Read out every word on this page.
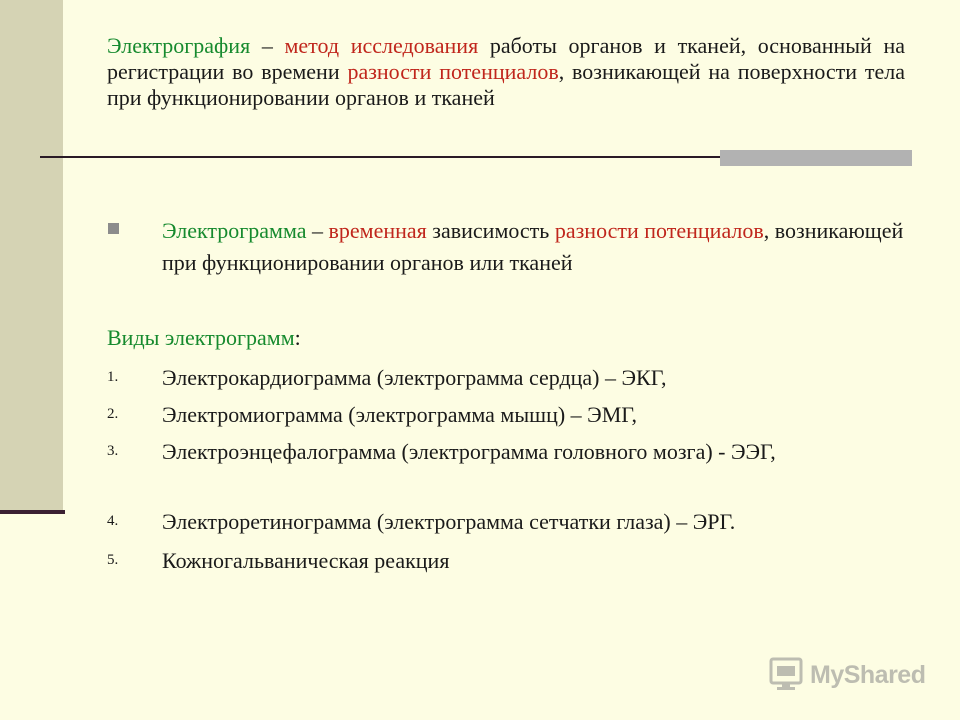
Электрография – метод исследования работы органов и тканей, основанный на регистрации во времени разности потенциалов, возникающей на поверхности тела при функционировании органов и тканей
Электрограмма – временная зависимость разности потенциалов, возникающей при функционировании органов или тканей
Виды электрограмм:
1. Электрокардиограмма (электрограмма сердца) – ЭКГ,
2. Электромиограмма (электрограмма мышц) – ЭМГ,
3. Электроэнцефалограмма (электрограмма головного мозга) - ЭЭГ,
4. Электроретинограмма (электрограмма сетчатки глаза) – ЭРГ.
5. Кожногальваническая реакция
MyShared
